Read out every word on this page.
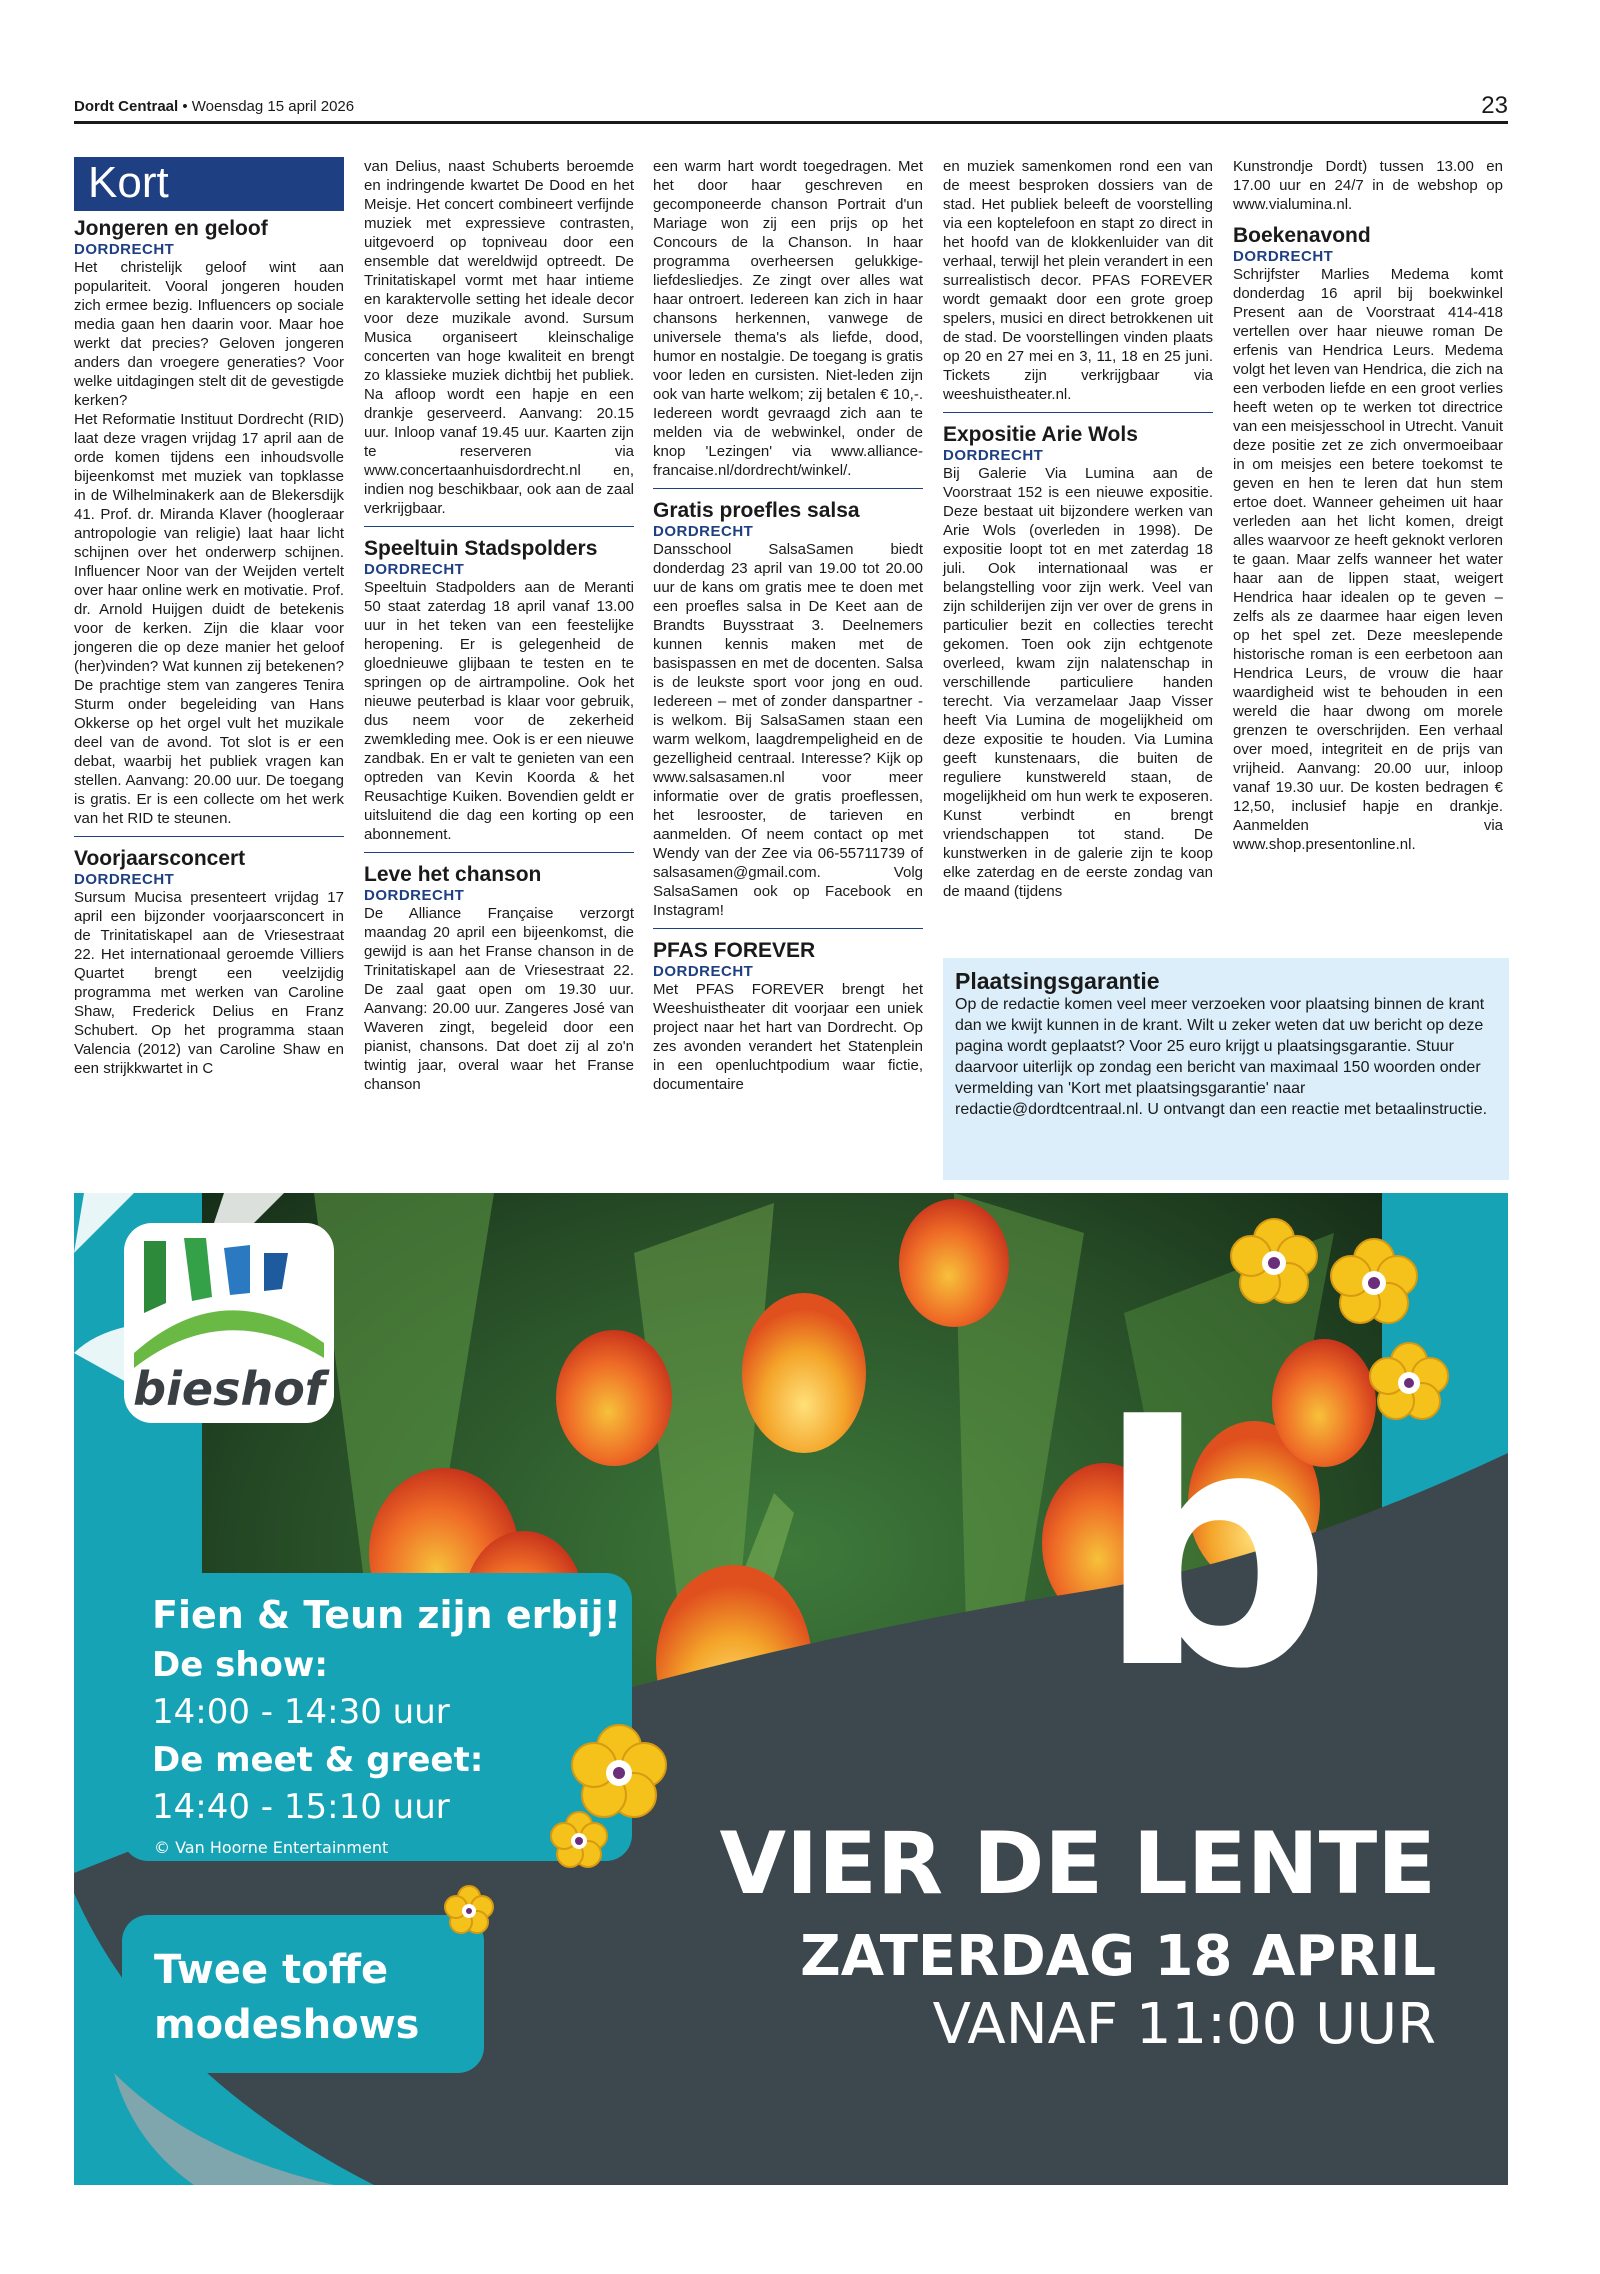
Dordt Centraal • Woensdag 15 april 2026	23
Kort
Jongeren en geloof
DORDRECHT
Het christelijk geloof wint aan populariteit. Vooral jongeren houden zich ermee bezig. Influencers op sociale media gaan hen daarin voor. Maar hoe werkt dat precies? Geloven jongeren anders dan vroegere generaties? Voor welke uitdagingen stelt dit de gevestigde kerken?
Het Reformatie Instituut Dordrecht (RID) laat deze vragen vrijdag 17 april aan de orde komen tijdens een inhoudsvolle bijeenkomst met muziek van topklasse in de Wilhelminakerk aan de Blekersdijk 41. Prof. dr. Miranda Klaver (hoogleraar antropologie van religie) laat haar licht schijnen over het onderwerp schijnen. Influencer Noor van der Weijden vertelt over haar online werk en motivatie. Prof. dr. Arnold Huijgen duidt de betekenis voor de kerken. Zijn die klaar voor jongeren die op deze manier het geloof (her)vinden? Wat kunnen zij betekenen? De prachtige stem van zangeres Tenira Sturm onder begeleiding van Hans Okkerse op het orgel vult het muzikale deel van de avond. Tot slot is er een debat, waarbij het publiek vragen kan stellen. Aanvang: 20.00 uur. De toegang is gratis. Er is een collecte om het werk van het RID te steunen.
Voorjaarsconcert
DORDRECHT
Sursum Mucisa presenteert vrijdag 17 april een bijzonder voorjaarsconcert in de Trinitatiskapel aan de Vriesestraat 22. Het internationaal geroemde Villiers Quartet brengt een veelzijdig programma met werken van Caroline Shaw, Frederick Delius en Franz Schubert. Op het programma staan Valencia (2012) van Caroline Shaw en een strijkkwartet in C
van Delius, naast Schuberts beroemde en indringende kwartet De Dood en het Meisje. Het concert combineert verfijnde muziek met expressieve contrasten, uitgevoerd op topniveau door een ensemble dat wereldwijd optreedt. De Trinitatiskapel vormt met haar intieme en karaktervolle setting het ideale decor voor deze muzikale avond. Sursum Musica organiseert kleinschalige concerten van hoge kwaliteit en brengt zo klassieke muziek dichtbij het publiek. Na afloop wordt een hapje en een drankje geserveerd. Aanvang: 20.15 uur. Inloop vanaf 19.45 uur. Kaarten zijn te reserveren via www.concertaanhuisdordrecht.nl en, indien nog beschikbaar, ook aan de zaal verkrijgbaar.
Speeltuin Stadspolders
DORDRECHT
Speeltuin Stadpolders aan de Meranti 50 staat zaterdag 18 april vanaf 13.00 uur in het teken van een feestelijke heropening. Er is gelegenheid de gloednieuwe glijbaan te testen en te springen op de airtrampoline. Ook het nieuwe peuterbad is klaar voor gebruik, dus neem voor de zekerheid zwemkleding mee. Ook is er een nieuwe zandbak. En er valt te genieten van een optreden van Kevin Koorda & het Reusachtige Kuiken. Bovendien geldt er uitsluitend die dag een korting op een abonnement.
Leve het chanson
DORDRECHT
De Alliance Française verzorgt maandag 20 april een bijeenkomst, die gewijd is aan het Franse chanson in de Trinitatiskapel aan de Vriesestraat 22. De zaal gaat open om 19.30 uur. Aanvang: 20.00 uur. Zangeres José van Waveren zingt, begeleid door een pianist, chansons. Dat doet zij al zo'n twintig jaar, overal waar het Franse chanson
een warm hart wordt toegedragen. Met het door haar geschreven en gecomponeerde chanson Portrait d'un Mariage won zij een prijs op het Concours de la Chanson. In haar programma overheersen gelukkige-liefdesliedjes. Ze zingt over alles wat haar ontroert. Iedereen kan zich in haar chansons herkennen, vanwege de universele thema's als liefde, dood, humor en nostalgie. De toegang is gratis voor leden en cursisten. Niet-leden zijn ook van harte welkom; zij betalen € 10,-. Iedereen wordt gevraagd zich aan te melden via de webwinkel, onder de knop 'Lezingen' via www.alliance-francaise.nl/dordrecht/winkel/.
Gratis proefles salsa
DORDRECHT
Dansschool SalsaSamen biedt donderdag 23 april van 19.00 tot 20.00 uur de kans om gratis mee te doen met een proefles salsa in De Keet aan de Brandts Buysstraat 3. Deelnemers kunnen kennis maken met de basispassen en met de docenten. Salsa is de leukste sport voor jong en oud. Iedereen – met of zonder danspartner - is welkom. Bij SalsaSamen staan een warm welkom, laagdrempeligheid en de gezelligheid centraal. Interesse? Kijk op www.salsasamen.nl voor meer informatie over de gratis proeflessen, het lesrooster, de tarieven en aanmelden. Of neem contact op met Wendy van der Zee via 06-55711739 of salsasamen@gmail.com. Volg SalsaSamen ook op Facebook en Instagram!
PFAS FOREVER
DORDRECHT
Met PFAS FOREVER brengt het Weeshuistheater dit voorjaar een uniek project naar het hart van Dordrecht. Op zes avonden verandert het Statenplein in een openluchtpodium waar fictie, documentaire
en muziek samenkomen rond een van de meest besproken dossiers van de stad. Het publiek beleeft de voorstelling via een koptelefoon en stapt zo direct in het hoofd van de klokkenluider van dit verhaal, terwijl het plein verandert in een surrealistisch decor. PFAS FOREVER wordt gemaakt door een grote groep spelers, musici en direct betrokkenen uit de stad. De voorstellingen vinden plaats op 20 en 27 mei en 3, 11, 18 en 25 juni. Tickets zijn verkrijgbaar via weeshuistheater.nl.
Expositie Arie Wols
DORDRECHT
Bij Galerie Via Lumina aan de Voorstraat 152 is een nieuwe expositie. Deze bestaat uit bijzondere werken van Arie Wols (overleden in 1998). De expositie loopt tot en met zaterdag 18 juli. Ook internationaal was er belangstelling voor zijn werk. Veel van zijn schilderijen zijn ver over de grens in particulier bezit en collecties terecht gekomen. Toen ook zijn echtgenote overleed, kwam zijn nalatenschap in verschillende particuliere handen terecht. Via verzamelaar Jaap Visser heeft Via Lumina de mogelijkheid om deze expositie te houden. Via Lumina geeft kunstenaars, die buiten de reguliere kunstwereld staan, de mogelijkheid om hun werk te exposeren. Kunst verbindt en brengt vriendschappen tot stand. De kunstwerken in de galerie zijn te koop elke zaterdag en de eerste zondag van de maand (tijdens
Kunstrondje Dordt) tussen 13.00 en 17.00 uur en 24/7 in de webshop op www.vialumina.nl.
Boekenavond
DORDRECHT
Schrijfster Marlies Medema komt donderdag 16 april bij boekwinkel Present aan de Voorstraat 414-418 vertellen over haar nieuwe roman De erfenis van Hendrica Leurs. Medema volgt het leven van Hendrica, die zich na een verboden liefde en een groot verlies heeft weten op te werken tot directrice van een meisjesschool in Utrecht. Vanuit deze positie zet ze zich onvermoeibaar in om meisjes een betere toekomst te geven en hen te leren dat hun stem ertoe doet. Wanneer geheimen uit haar verleden aan het licht komen, dreigt alles waarvoor ze heeft geknokt verloren te gaan. Maar zelfs wanneer het water haar aan de lippen staat, weigert Hendrica haar idealen op te geven – zelfs als ze daarmee haar eigen leven op het spel zet. Deze meeslepende historische roman is een eerbetoon aan Hendrica Leurs, de vrouw die haar waardigheid wist te behouden in een wereld die haar dwong om morele grenzen te overschrijden. Een verhaal over moed, integriteit en de prijs van vrijheid. Aanvang: 20.00 uur, inloop vanaf 19.30 uur. De kosten bedragen € 12,50, inclusief hapje en drankje. Aanmelden via www.shop.presentonline.nl.
Plaatsingsgarantie
Op de redactie komen veel meer verzoeken voor plaatsing binnen de krant dan we kwijt kunnen in de krant. Wilt u zeker weten dat uw bericht op deze pagina wordt geplaatst? Voor 25 euro krijgt u plaatsingsgarantie. Stuur daarvoor uiterlijk op zondag een bericht van maximaal 150 woorden onder vermelding van 'Kort met plaatsingsgarantie' naar redactie@dordtcentraal.nl. U ontvangt dan een reactie met betaalinstructie.
bieshof b
Fien & Teun zijn erbij!
De show:
14:00 - 14:30 uur
De meet & greet:
14:40 - 15:10 uur
© Van Hoorne Entertainment
Twee toffe
modeshows
VIER DE LENTE
ZATERDAG 18 APRIL
VANAF 11:00 UUR
